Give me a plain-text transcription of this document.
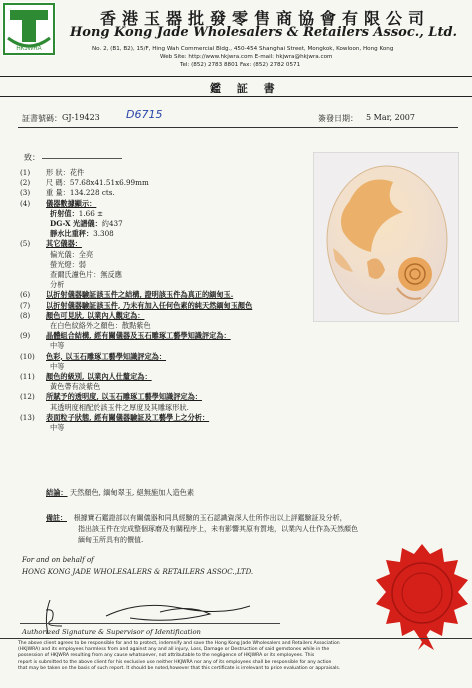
HKJWRA
香港玉器批發零售商協會有限公司
Hong Kong Jade Wholesalers & Retailers Assoc., Ltd.
No. 2, (B1, B2), 15/F, Hing Wah Commercial Bldg., 450-454 Shanghai Street, Mongkok, Kowloon, Hong Kong
Web Site: http://www.hkjwra.com E-mail: hkjwra@hkjwra.com
Tel: (852) 2783 8801 Fax: (852) 2782 0571
鑑 証 書
証書號碼： GJ-19423 D6715	簽發日期： 5 Mar, 2007
致：
(1)	形 狀： 花件
(2)	尺 碼： 57.68x41.51x6.99mm
(3)	重 量： 134.228 cts.
(4)	儀器數據顯示：
折射值：1.66 ±
DG-X 光譜儀：約437
靜水比重秤：3.308
(5)	其它儀器：
偏光儀：全亮
螢光燈：弱
查爾氏濾色片：無反應
分析
(6)	以折射儀器驗証該玉件之結構, 證明該玉件為真正的緬甸玉.
(7)	以折射儀器驗証該玉件, 乃未有加入任何色素的純天然緬甸玉顏色
(8)	顏色可見狀, 以業內人觀定為：
在白色紋絡外之顏色：散點紫色
(9)	晶體組合結構, 經有關儀器及玉石雕琢工藝學知識評定為：
中等
(10)	色彩, 以玉石雕琢工藝學知識評定為：
中等
(11)	顏色的級別, 以業內人仕釐定為：
黃色帶有淡紫色
(12)	所賦予的透明度, 以玉石雕琢工藝學知識評定為：
其透明度相配於該玉件之厚度及其雕琢形狀.
(13)	表面粒子狀態, 經有關儀器驗証及工藝學上之分析：
中等
結論： 天然顏色, 緬甸翠玉, 絕無施加人造色素
備註： 根據寶石鑑證部以有關儀器和同具經驗的玉石認識資深人仕所作出以上評鑑驗証及分析，
指出該玉件在完成整個琢磨及有關程序上，未有影響其原有質地，以業內人仕作為天然顏色
緬甸玉所具有的價值.
For and on behalf of
HONG KONG JADE WHOLESALERS & RETAILERS ASSOC.,LTD.
Authorized Signature & Supervisor of Identification
The above client agrees to be responsible for and to protect, indemnify and save the Hong Kong Jade Wholesalers and Retailers Association
(HKJWRA) and its employees harmless from and against any and all injury, Loss, Damage or Destruction of said gemstones while in the
possession of HKJWRA resulting from any cause whatsoever, not attributable to the negligence of HKJWRA or its employees. This
report is submitted to the above client for his exclusive use neither HKJWRA nor any of its employees shall be responsible for any action
that may be taken on the basis of such report. It should be noted,however that this certificate is irrelevant to price evaluation or appraisals.
